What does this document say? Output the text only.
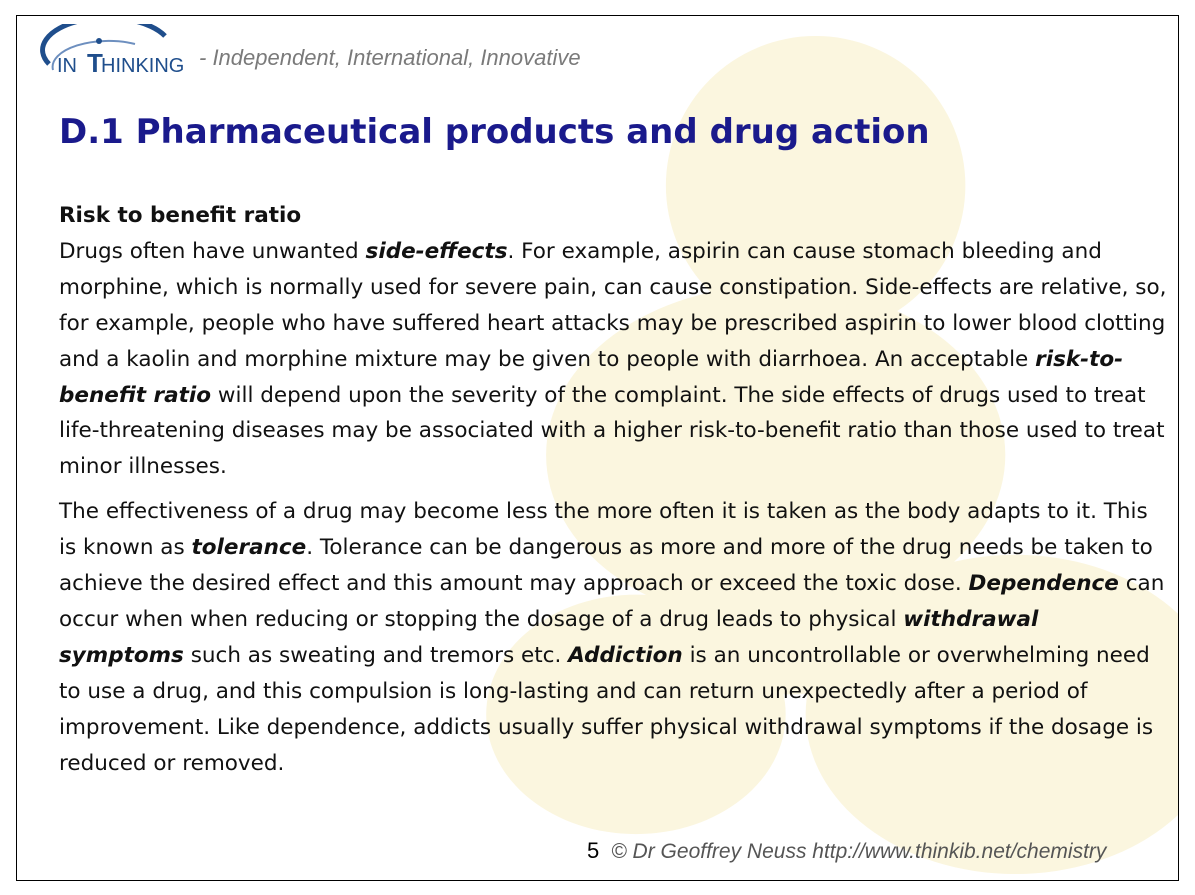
IN T
HINKING - Independent, International, Innovative
D.1 Pharmaceutical products and drug action

Risk to benefit ratio

Drugs often have unwanted side-effects. For example, aspirin can cause stomach bleeding and morphine, which is normally used for severe pain, can cause constipation. Side-effects are relative, so, for example, people who have suffered heart attacks may be prescribed aspirin to lower blood clotting and a kaolin and morphine mixture may be given to people with diarrhoea. An acceptable risk-to-benefit ratio will depend upon the severity of the complaint. The side effects of drugs used to treat life-threatening diseases may be associated with a higher risk-to-benefit ratio than those used to treat minor illnesses.

The effectiveness of a drug may become less the more often it is taken as the body adapts to it. This is known as tolerance. Tolerance can be dangerous as more and more of the drug needs be taken to achieve the desired effect and this amount may approach or exceed the toxic dose. Dependence can occur when when reducing or stopping the dosage of a drug leads to physical withdrawal symptoms such as sweating and tremors etc. Addiction is an uncontrollable or overwhelming need to use a drug, and this compulsion is long-lasting and can return unexpectedly after a period of improvement. Like dependence, addicts usually suffer physical withdrawal symptoms if the dosage is reduced or removed.

5 © Dr Geoffrey Neuss http://www.thinkib.net/chemistry
